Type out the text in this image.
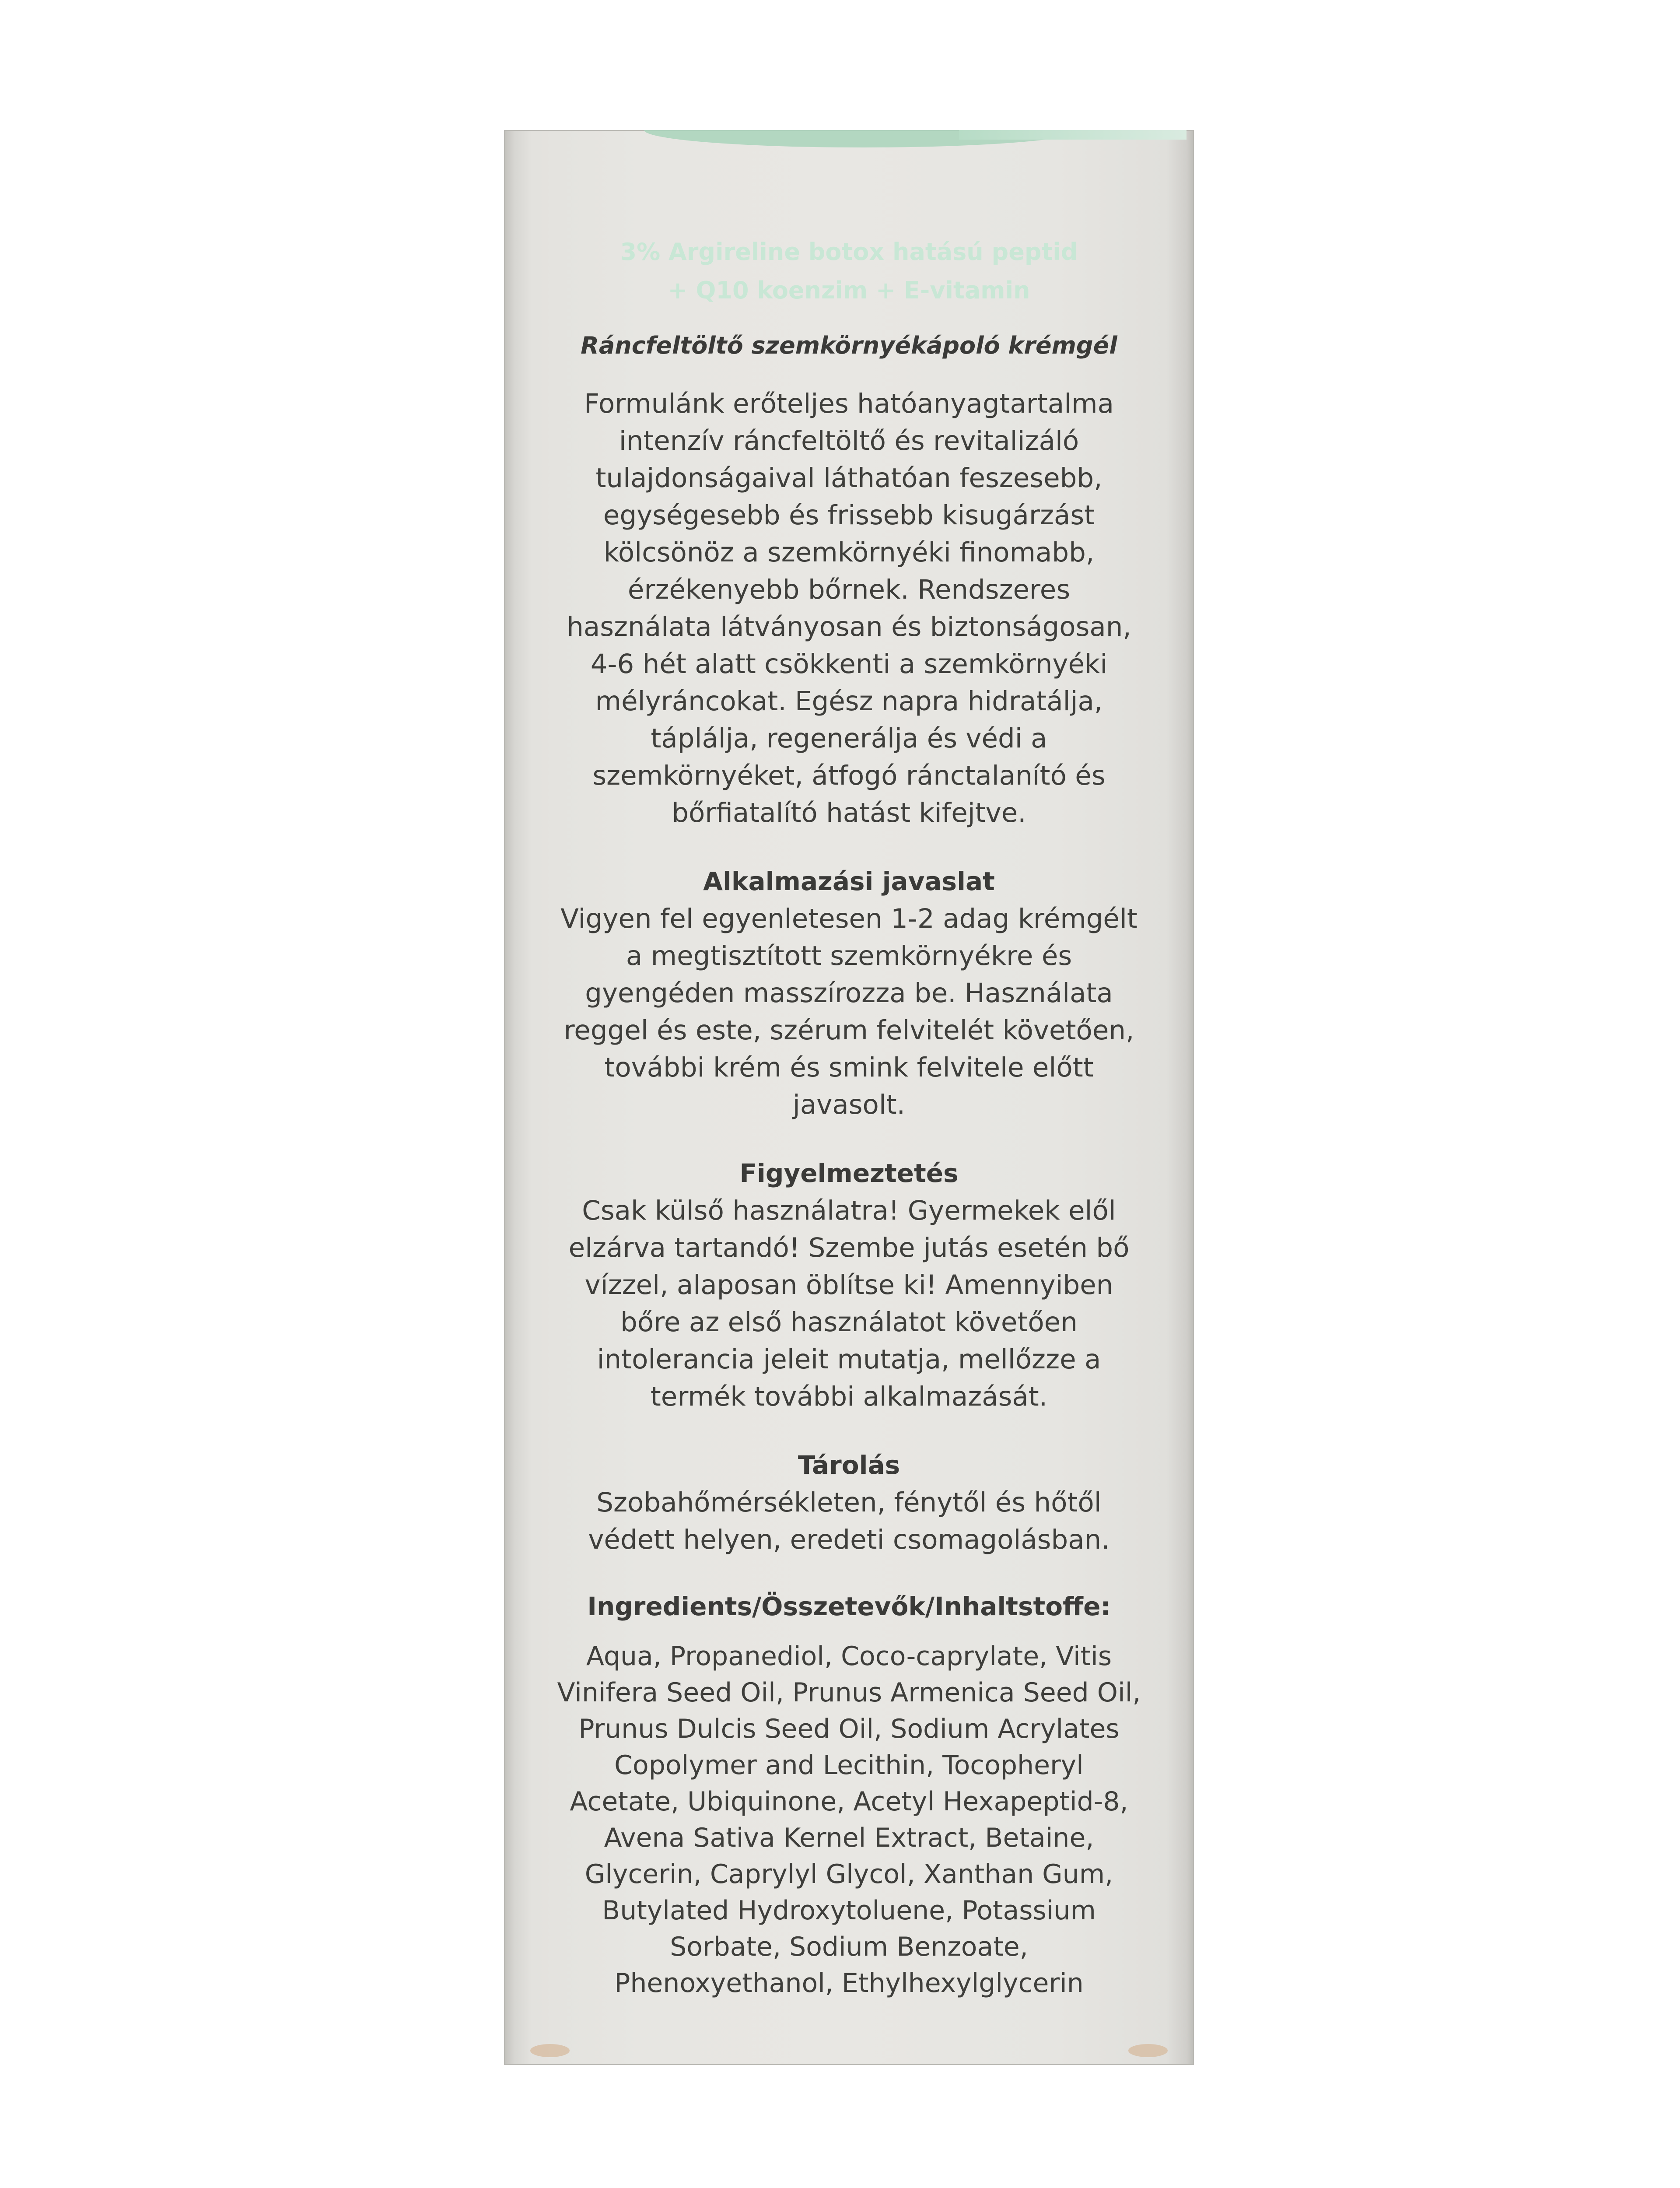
3% Argireline botox hatású peptid
+ Q10 koenzim + E-vitamin
Ráncfeltöltő szemkörnyékápoló krémgél
Formulánk erőteljes hatóanyagtartalma
intenzív ráncfeltöltő és revitalizáló
tulajdonságaival láthatóan feszesebb,
egységesebb és frissebb kisugárzást
kölcsönöz a szemkörnyéki finomabb,
érzékenyebb bőrnek. Rendszeres
használata látványosan és biztonságosan,
4-6 hét alatt csökkenti a szemkörnyéki
mélyráncokat. Egész napra hidratálja,
táplálja, regenerálja és védi a
szemkörnyéket, átfogó ránctalanító és
bőrfiatalító hatást kifejtve.
Alkalmazási javaslat
Vigyen fel egyenletesen 1-2 adag krémgélt
a megtisztított szemkörnyékre és
gyengéden masszírozza be. Használata
reggel és este, szérum felvitelét követően,
további krém és smink felvitele előtt
javasolt.
Figyelmeztetés
Csak külső használatra! Gyermekek elől
elzárva tartandó! Szembe jutás esetén bő
vízzel, alaposan öblítse ki! Amennyiben
bőre az első használatot követően
intolerancia jeleit mutatja, mellőzze a
termék további alkalmazását.
Tárolás
Szobahőmérsékleten, fénytől és hőtől
védett helyen, eredeti csomagolásban.
Ingredients/Összetevők/Inhaltstoffe:
Aqua, Propanediol, Coco-caprylate, Vitis
Vinifera Seed Oil, Prunus Armenica Seed Oil,
Prunus Dulcis Seed Oil, Sodium Acrylates
Copolymer and Lecithin, Tocopheryl
Acetate, Ubiquinone, Acetyl Hexapeptid-8,
Avena Sativa Kernel Extract, Betaine,
Glycerin, Caprylyl Glycol, Xanthan Gum,
Butylated Hydroxytoluene, Potassium
Sorbate, Sodium Benzoate,
Phenoxyethanol, Ethylhexylglycerin
